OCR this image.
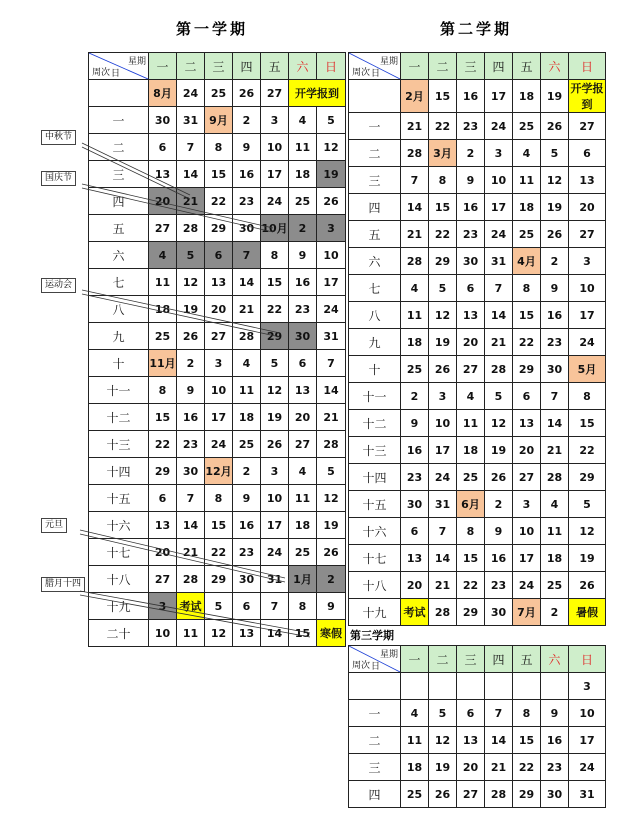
第一学期	第二学期
星期
日
周次	一	二	三	四	五	六	日
	8月	24	25	26	27	开学报到	
一	30	31	9月	2	3	4	5
二	6	7	8	9	10	11	12
三	13	14	15	16	17	18	19
四	20	21	22	23	24	25	26
五	27	28	29	30	10月	2	3
六	4	5	6	7	8	9	10
七	11	12	13	14	15	16	17
八	18	19	20	21	22	23	24
九	25	26	27	28	29	30	31
十	11月	2	3	4	5	6	7
十一	8	9	10	11	12	13	14
十二	15	16	17	18	19	20	21
十三	22	23	24	25	26	27	28
十四	29	30	12月	2	3	4	5
十五	6	7	8	9	10	11	12
十六	13	14	15	16	17	18	19
十七	20	21	22	23	24	25	26
十八	27	28	29	30	31	1月	2
十九	3	考试	5	6	7	8	9
二十	10	11	12	13	14	15	寒假
星期
日
周次	一	二	三	四	五	六	日
	2月	15	16	17	18	19	开学报到
一	21	22	23	24	25	26	27
二	28	3月	2	3	4	5	6
三	7	8	9	10	11	12	13
四	14	15	16	17	18	19	20
五	21	22	23	24	25	26	27
六	28	29	30	31	4月	2	3
七	4	5	6	7	8	9	10
八	11	12	13	14	15	16	17
九	18	19	20	21	22	23	24
十	25	26	27	28	29	30	5月
十一	2	3	4	5	6	7	8
十二	9	10	11	12	13	14	15
十三	16	17	18	19	20	21	22
十四	23	24	25	26	27	28	29
十五	30	31	6月	2	3	4	5
十六	6	7	8	9	10	11	12
十七	13	14	15	16	17	18	19
十八	20	21	22	23	24	25	26
十九	考试	28	29	30	7月	2	暑假
第三学期
星期
日
周次	一	二	三	四	五	六	日
							3
一	4	5	6	7	8	9	10
二	11	12	13	14	15	16	17
三	18	19	20	21	22	23	24
四	25	26	27	28	29	30	31
中秋节
国庆节
运动会
元旦
腊月十四
